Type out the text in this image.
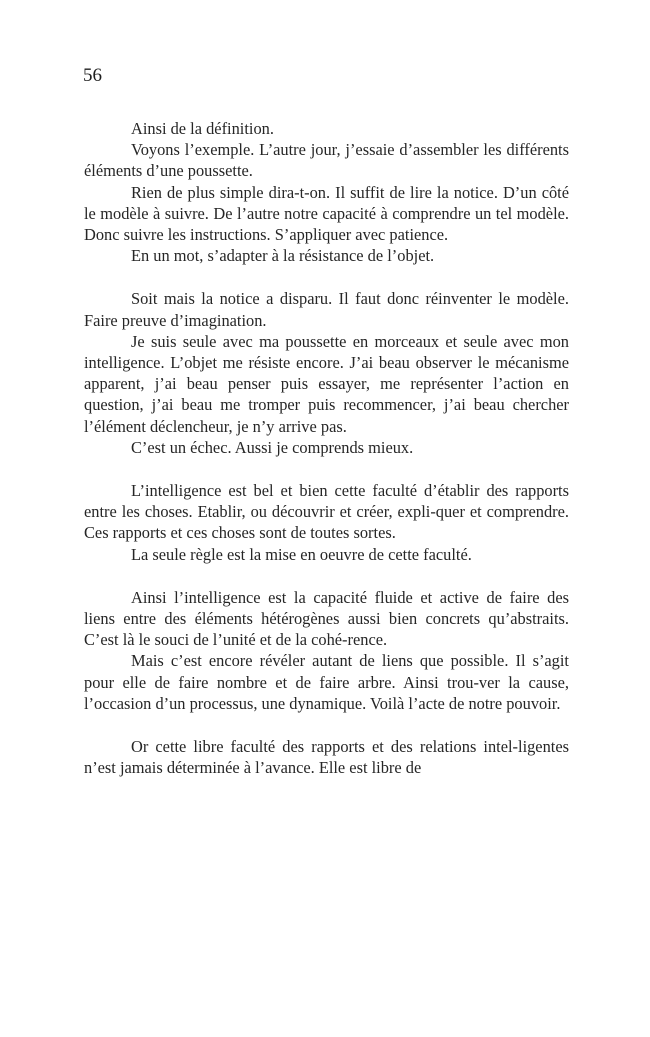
56

Ainsi de la définition.

Voyons l’exemple. L’autre jour, j’essaie d’assembler les différents éléments d’une poussette.

Rien de plus simple dira-t-on. Il suffit de lire la notice. D’un côté le modèle à suivre. De l’autre notre capacité à comprendre un tel modèle. Donc suivre les instructions. S’appliquer avec patience.

En un mot, s’adapter à la résistance de l’objet.

Soit mais la notice a disparu. Il faut donc réinventer le modèle. Faire preuve d’imagination.

Je suis seule avec ma poussette en morceaux et seule avec mon intelligence. L’objet me résiste encore. J’ai beau observer le mécanisme apparent, j’ai beau penser puis essayer, me représenter l’action en question, j’ai beau me tromper puis recommencer, j’ai beau chercher l’élément déclencheur, je n’y arrive pas.

C’est un échec. Aussi je comprends mieux.

L’intelligence est bel et bien cette faculté d’établir des rapports entre les choses. Etablir, ou découvrir et créer, expli-quer et comprendre. Ces rapports et ces choses sont de toutes sortes.

La seule règle est la mise en oeuvre de cette faculté.

Ainsi l’intelligence est la capacité fluide et active de faire des liens entre des éléments hétérogènes aussi bien concrets qu’abstraits. C’est là le souci de l’unité et de la cohé-rence.

Mais c’est encore révéler autant de liens que possible. Il s’agit pour elle de faire nombre et de faire arbre. Ainsi trou-ver la cause, l’occasion d’un processus, une dynamique. Voilà l’acte de notre pouvoir.

Or cette libre faculté des rapports et des relations intel-ligentes n’est jamais déterminée à l’avance. Elle est libre de
